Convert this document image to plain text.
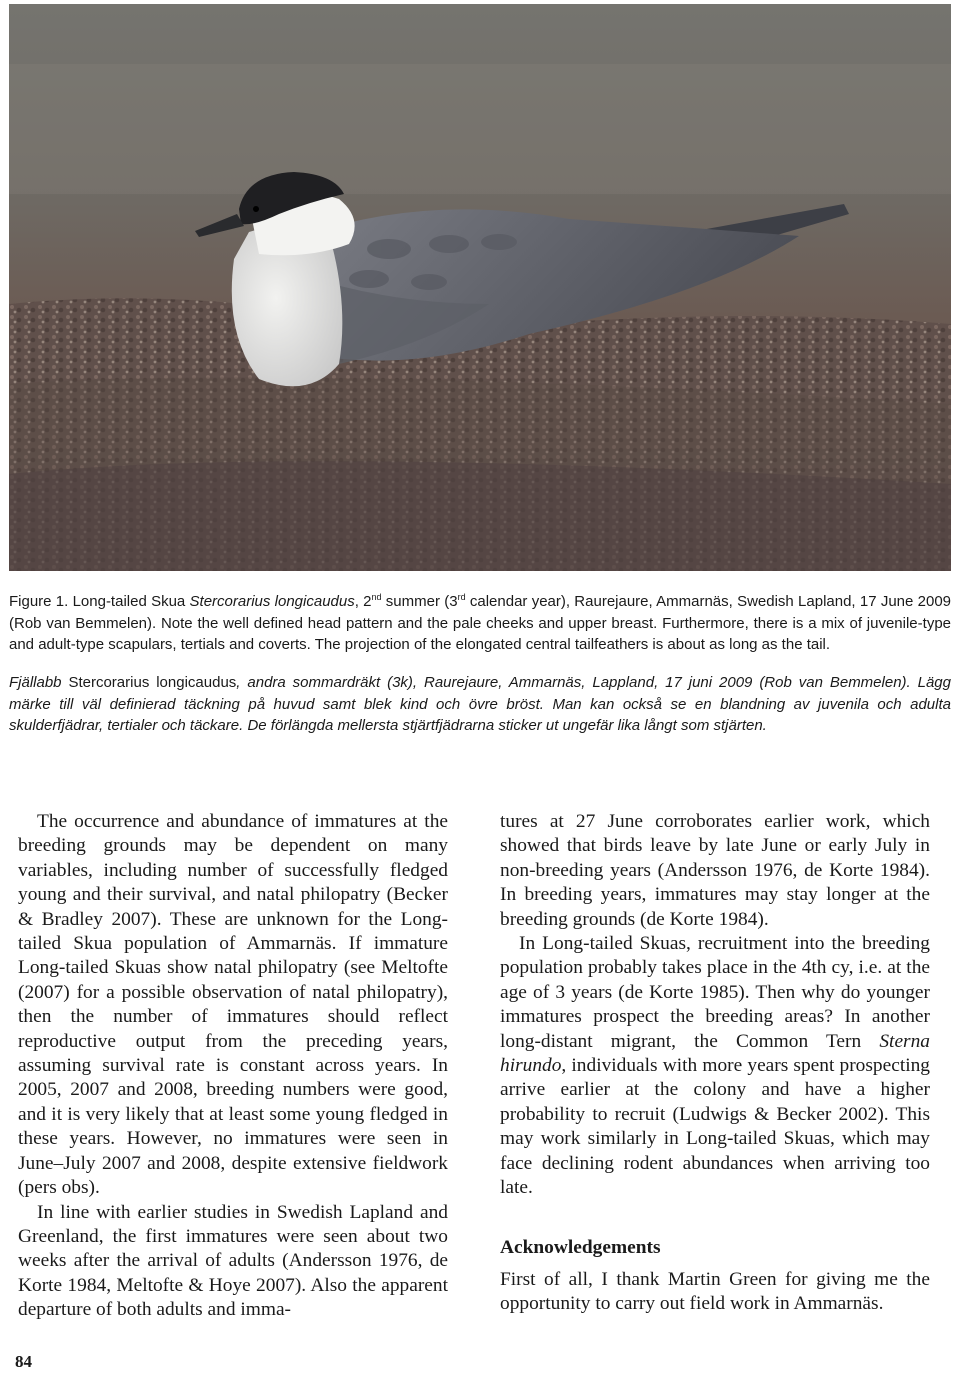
Figure 1. Long-tailed Skua Stercorarius longicaudus, 2nd summer (3rd calendar year), Raurejaure, Ammarnäs, Swedish Lapland, 17 June 2009 (Rob van Bemmelen). Note the well defined head pattern and the pale cheeks and upper breast. Furthermore, there is a mix of juvenile-type and adult-type scapulars, tertials and coverts. The projection of the elongated central tailfeathers is about as long as the tail.

Fjällabb Stercorarius longicaudus, andra sommardräkt (3k), Raurejaure, Ammarnäs, Lappland, 17 juni 2009 (Rob van Bemmelen). Lägg märke till väl definierad täckning på huvud samt blek kind och övre bröst. Man kan också se en blandning av juvenila och adulta skulderfjädrar, tertialer och täckare. De förlängda mellersta stjärtfjädrarna sticker ut ungefär lika långt som stjärten.

The occurrence and abundance of immatures at the breeding grounds may be dependent on many variables, including number of successfully fledged young and their survival, and natal philopatry (Becker & Bradley 2007). These are unknown for the Long-tailed Skua population of Ammarnäs. If immature Long-tailed Skuas show natal philopatry (see Meltofte (2007) for a possible observation of natal philopatry), then the number of immatures should reflect reproductive output from the preceding years, assuming survival rate is constant across years. In 2005, 2007 and 2008, breeding numbers were good, and it is very likely that at least some young fledged in these years. However, no immatures were seen in June–July 2007 and 2008, despite extensive fieldwork (pers obs).

In line with earlier studies in Swedish Lapland and Greenland, the first immatures were seen about two weeks after the arrival of adults (Andersson 1976, de Korte 1984, Meltofte & Hoye 2007). Also the apparent departure of both adults and imma-

tures at 27 June corroborates earlier work, which showed that birds leave by late June or early July in non-breeding years (Andersson 1976, de Korte 1984). In breeding years, immatures may stay longer at the breeding grounds (de Korte 1984).

In Long-tailed Skuas, recruitment into the breeding population probably takes place in the 4th cy, i.e. at the age of 3 years (de Korte 1985). Then why do younger immatures prospect the breeding areas? In another long-distant migrant, the Common Tern Sterna hirundo, individuals with more years spent prospecting arrive earlier at the colony and have a higher probability to recruit (Ludwigs & Becker 2002). This may work similarly in Long-tailed Skuas, which may face declining rodent abundances when arriving too late.

Acknowledgements

First of all, I thank Martin Green for giving me the opportunity to carry out field work in Ammarnäs.

84
